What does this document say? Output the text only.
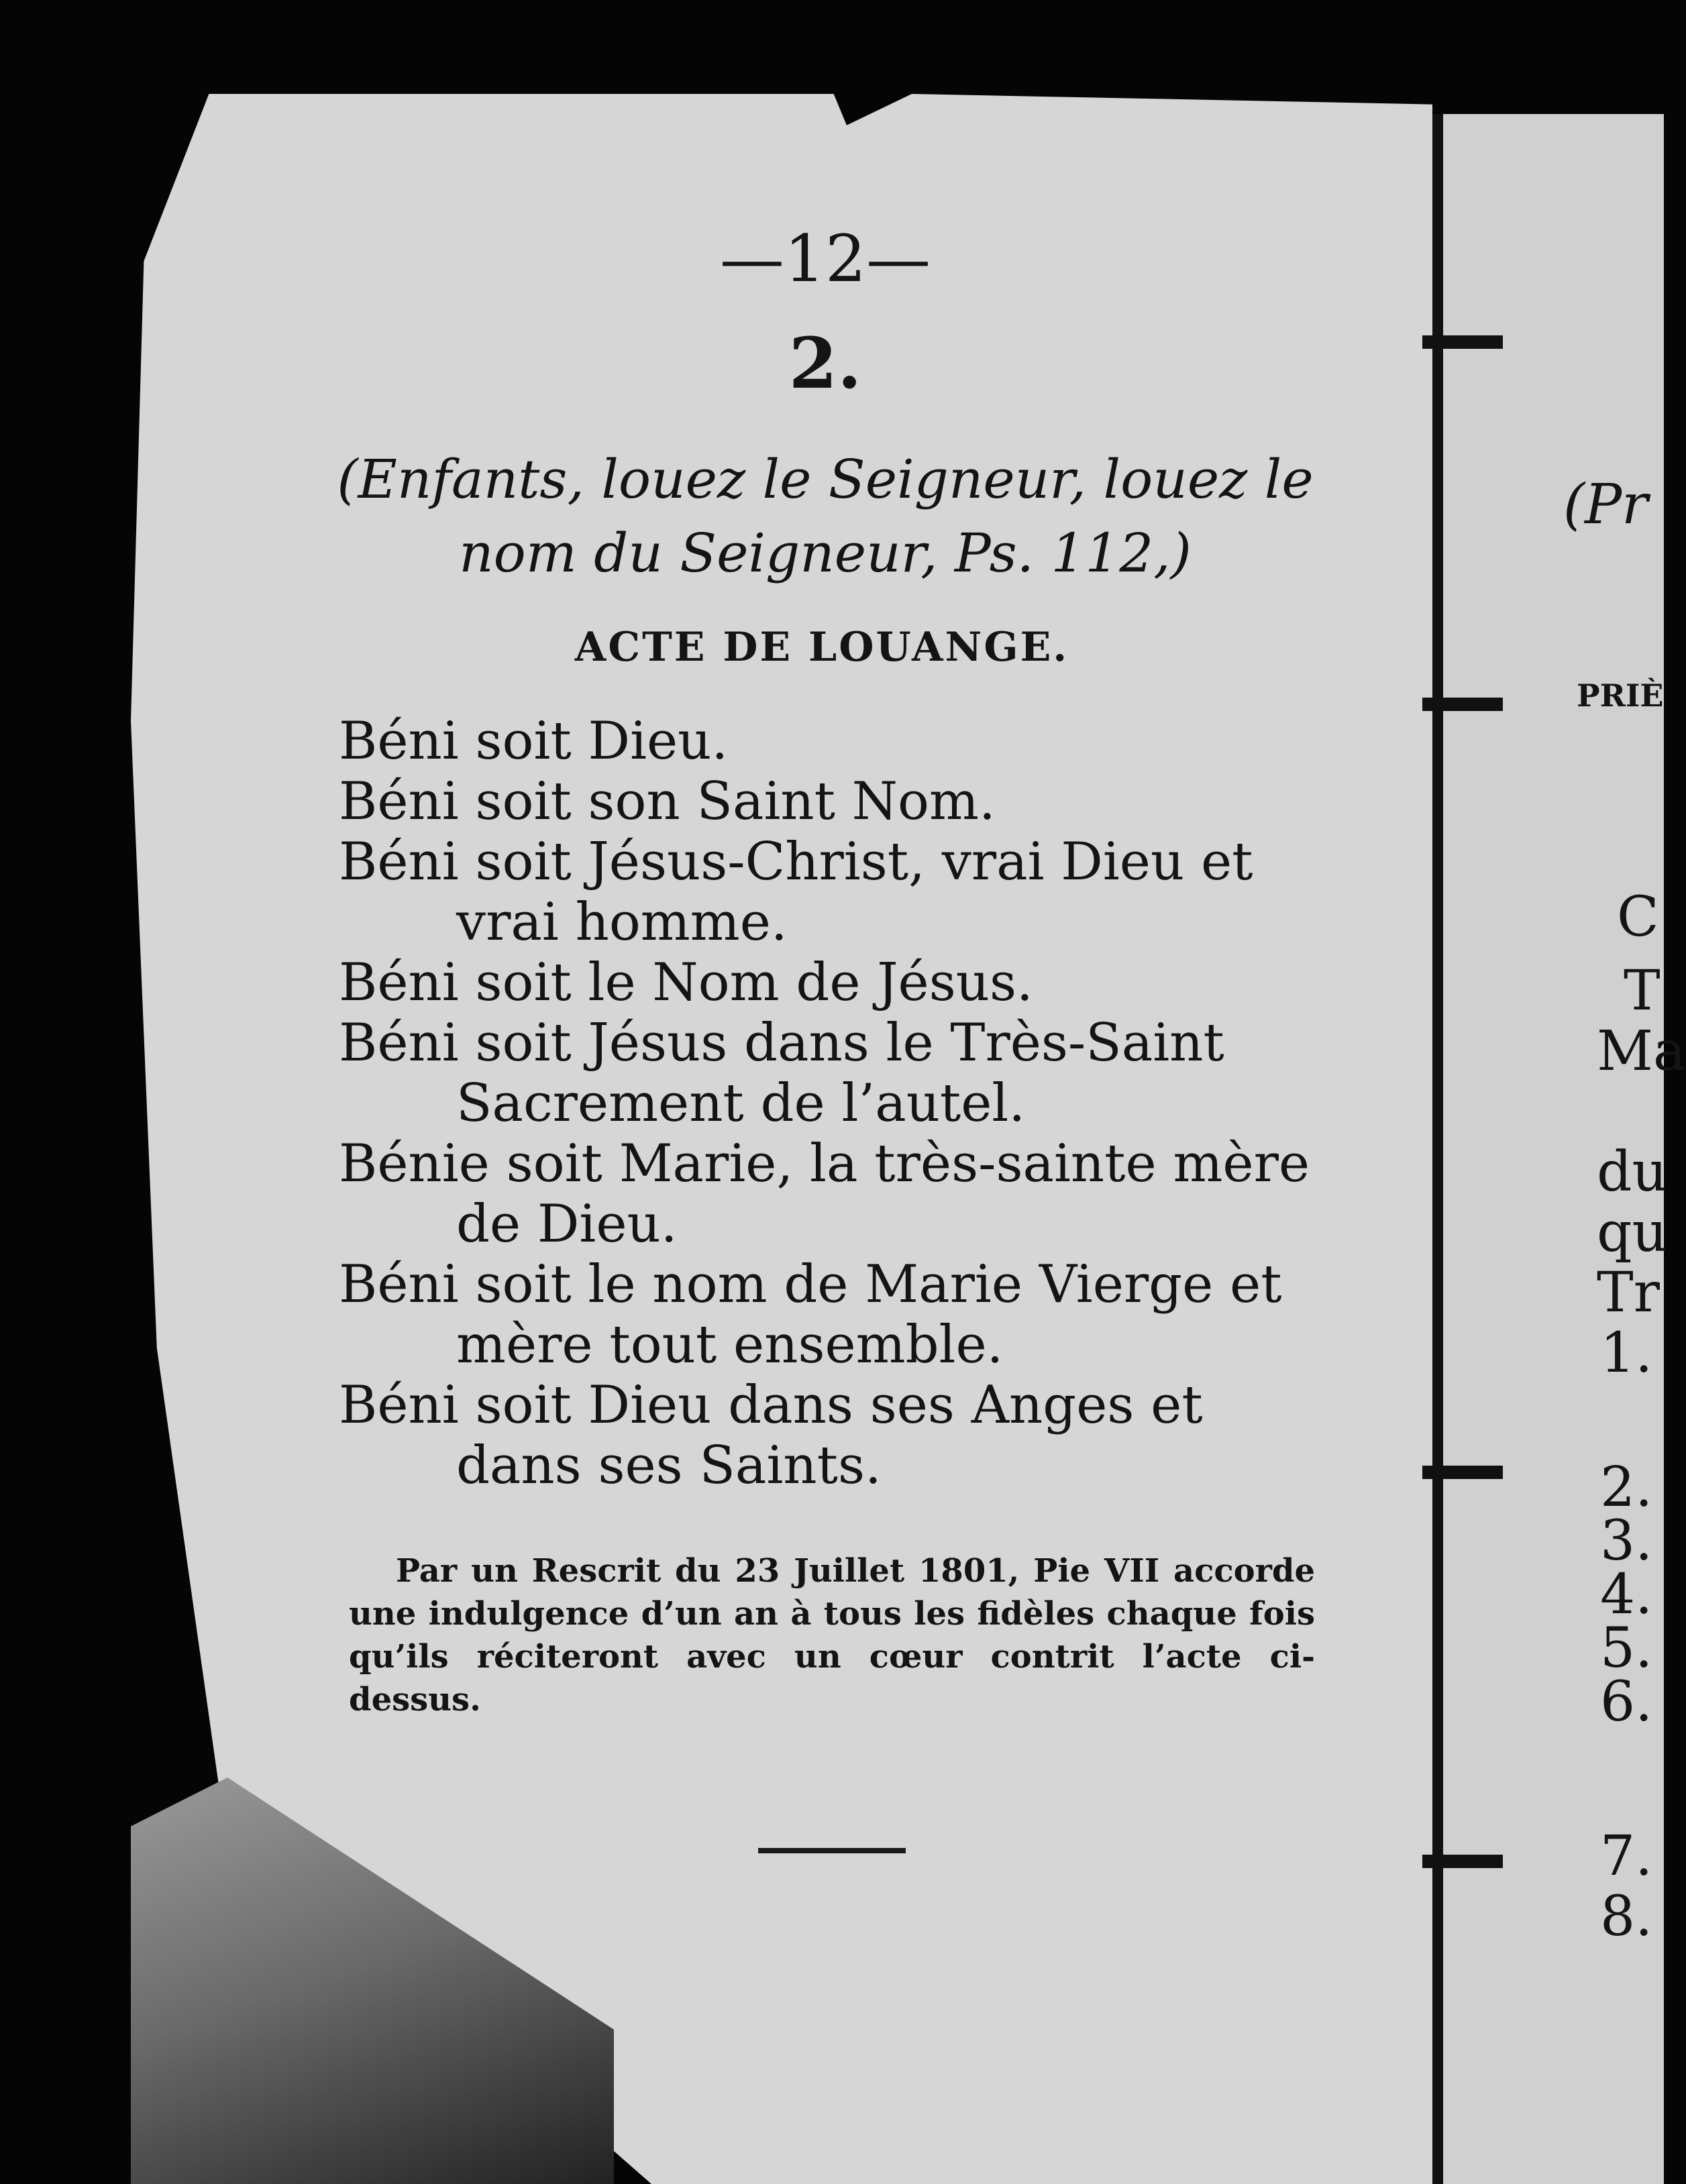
—12—
2.
(Enfants, louez le Seigneur, louez le nom du Seigneur, Ps. 112,)
ACTE DE LOUANGE.
Béni soit Dieu.
Béni soit son Saint Nom.
Béni soit Jésus-Christ, vrai Dieu et
vrai homme.
Béni soit le Nom de Jésus.
Béni soit Jésus dans le Très-Saint
Sacrement de l’autel.
Bénie soit Marie, la très-sainte mère
de Dieu.
Béni soit le nom de Marie Vierge et
mère tout ensemble.
Béni soit Dieu dans ses Anges et
dans ses Saints.
Par un Rescrit du 23 Juillet 1801, Pie VII accorde une indulgence d’un an à tous les fidèles chaque fois qu’ils réciteront avec un cœur contrit l’acte ci-dessus.
(Pr
PRIÈ
C
T
Ma
du
qu
Tr
1.
2.
3.
4.
5.
6.
7.
8.
